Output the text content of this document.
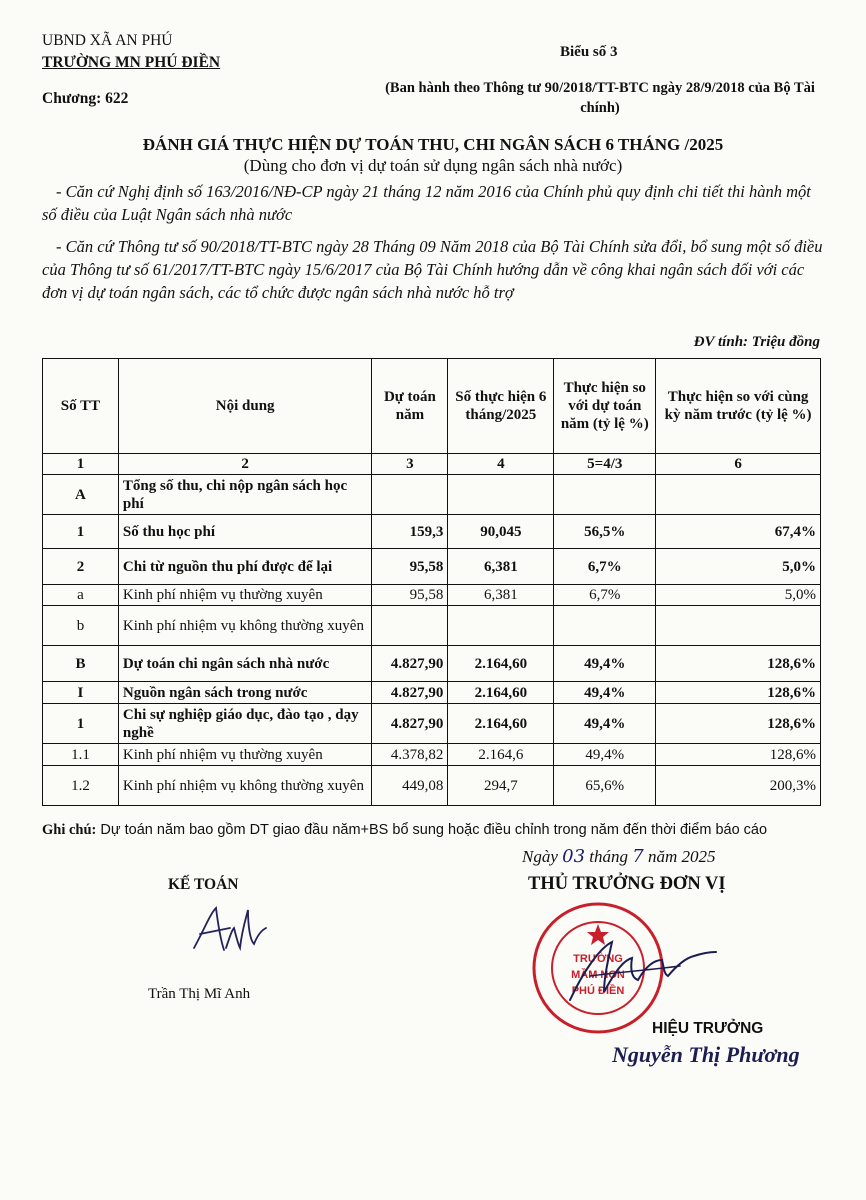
UBND XÃ AN PHÚ
TRƯỜNG MN PHÚ ĐIỀN
Chương: 622
Biểu số 3
(Ban hành theo Thông tư 90/2018/TT-BTC ngày 28/9/2018 của Bộ Tài chính)
ĐÁNH GIÁ THỰC HIỆN DỰ TOÁN THU, CHI NGÂN SÁCH 6 THÁNG /2025
(Dùng cho đơn vị dự toán sử dụng ngân sách nhà nước)
- Căn cứ Nghị định số 163/2016/NĐ-CP ngày 21 tháng 12 năm 2016 của Chính phủ quy định chi tiết thi hành một số điều của Luật Ngân sách nhà nước
- Căn cứ Thông tư số 90/2018/TT-BTC ngày 28 Tháng 09 Năm 2018 của Bộ Tài Chính sửa đổi, bổ sung một số điều của Thông tư số 61/2017/TT-BTC ngày 15/6/2017 của Bộ Tài Chính hướng dẫn về công khai ngân sách đối với các đơn vị dự toán ngân sách, các tổ chức được ngân sách nhà nước hỗ trợ
ĐV tính: Triệu đồng
Số TT	Nội dung	Dự toán năm	Số thực hiện 6 tháng/2025	Thực hiện so với dự toán năm (tỷ lệ %)	Thực hiện so với cùng kỳ năm trước (tỷ lệ %)
1	2	3	4	5=4/3	6
A	Tổng số thu, chi nộp ngân sách học phí				
1	Số thu học phí	159,3	90,045	56,5%	67,4%
2	Chi từ nguồn thu phí được để lại	95,58	6,381	6,7%	5,0%
a	Kinh phí nhiệm vụ thường xuyên	95,58	6,381	6,7%	5,0%
b	Kinh phí nhiệm vụ không thường xuyên				
B	Dự toán chi ngân sách nhà nước	4.827,90	2.164,60	49,4%	128,6%
I	Nguồn ngân sách trong nước	4.827,90	2.164,60	49,4%	128,6%
1	Chi sự nghiệp giáo dục, đào tạo , dạy nghề	4.827,90	2.164,60	49,4%	128,6%
1.1	Kinh phí nhiệm vụ thường xuyên	4.378,82	2.164,6	49,4%	128,6%
1.2	Kinh phí nhiệm vụ không thường xuyên	449,08	294,7	65,6%	200,3%
Ghi chú: Dự toán năm bao gồm DT giao đầu năm+BS bổ sung hoặc điều chỉnh trong năm đến thời điểm báo cáo
Ngày 03 tháng 7 năm 2025
KẾ TOÁN	THỦ TRƯỞNG ĐƠN VỊ
Trần Thị Mĩ Anh
TRƯỜNG
MẦM NON
PHÚ ĐIỀN
HIỆU TRƯỞNG
Nguyễn Thị Phương
